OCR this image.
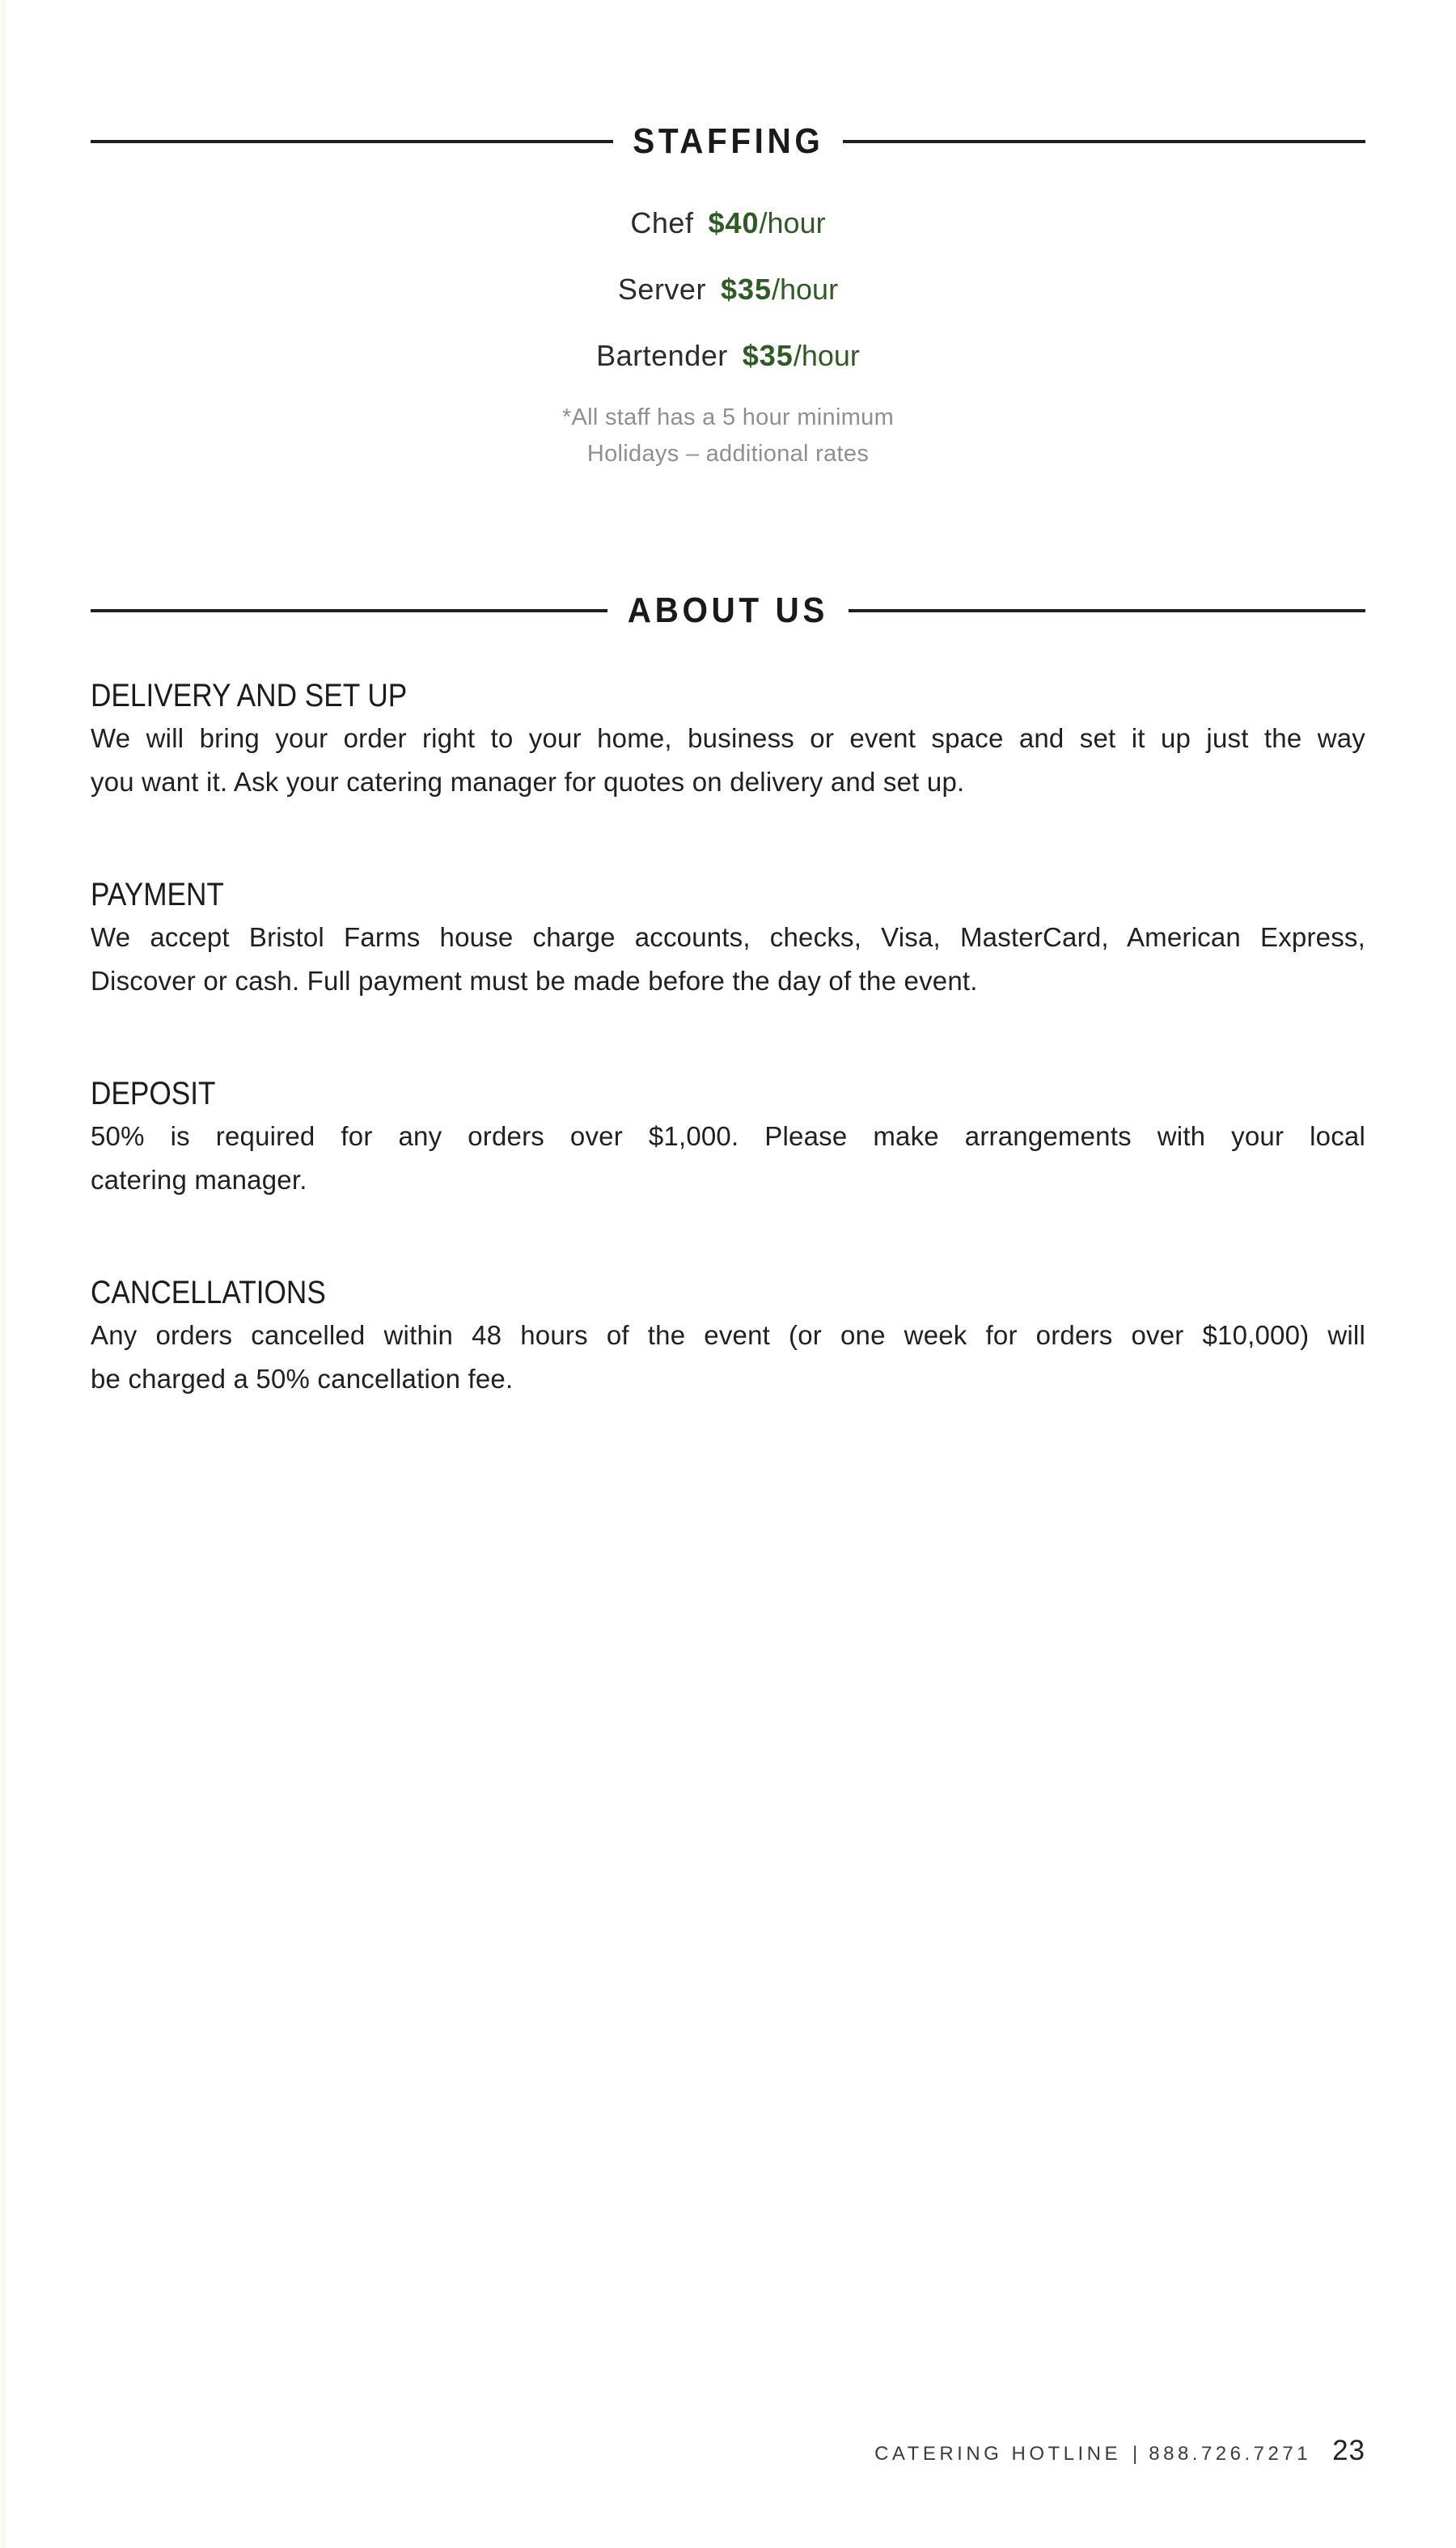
STAFFING
Chef $40 /hour
Server $35 /hour
Bartender $35 /hour
*All staff has a 5 hour minimum
Holidays – additional rates
ABOUT US
DELIVERY AND SET UP
We will bring your order right to your home, business or event space and set it up just the way
you want it. Ask your catering manager for quotes on delivery and set up.
PAYMENT
We accept Bristol Farms house charge accounts, checks, Visa, MasterCard, American Express,
Discover or cash. Full payment must be made before the day of the event.
DEPOSIT
50% is required for any orders over $1,000. Please make arrangements with your local
catering manager.
CANCELLATIONS
Any orders cancelled within 48 hours of the event (or one week for orders over $10,000) will
be charged a 50% cancellation fee.
CATERING HOTLINE | 888.726.7271 23
